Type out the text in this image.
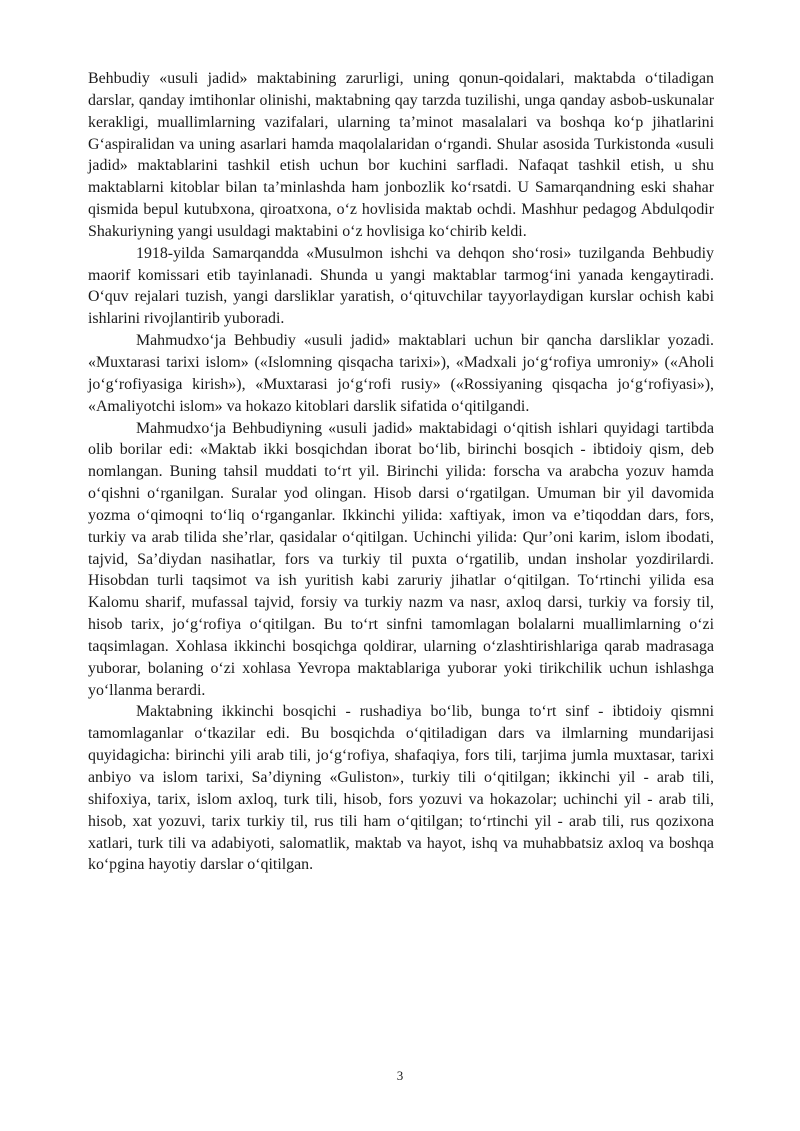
Behbudiy «usuli jadid» maktabining zarurligi, uning qonun-qoidalari, maktabda o‘tiladigan darslar, qanday imtihonlar olinishi, maktabning qay tarzda tuzilishi, unga qanday asbob-uskunalar kerakligi, muallimlarning vazifalari, ularning ta’minot masalalari va boshqa ko‘p jihatlarini G‘aspiralidan va uning asarlari hamda maqolalaridan o‘rgandi. Shular asosida Turkistonda «usuli jadid» maktablarini tashkil etish uchun bor kuchini sarfladi. Nafaqat tashkil etish, u shu maktablarni kitoblar bilan ta’minlashda ham jonbozlik ko‘rsatdi. U Samarqandning eski shahar qismida bepul kutubxona, qiroatxona, o‘z hovlisida maktab ochdi. Mashhur pedagog Abdulqodir Shakuriyning yangi usuldagi maktabini o‘z hovlisiga ko‘chirib keldi.

1918-yilda Samarqandda «Musulmon ishchi va dehqon sho‘rosi» tuzilganda Behbudiy maorif komissari etib tayinlanadi. Shunda u yangi maktablar tarmog‘ini yanada kengaytiradi. O‘quv rejalari tuzish, yangi darsliklar yaratish, o‘qituvchilar tayyorlaydigan kurslar ochish kabi ishlarini rivojlantirib yuboradi.

Mahmudxo‘ja Behbudiy «usuli jadid» maktablari uchun bir qancha darsliklar yozadi. «Muxtarasi tarixi islom» («Islomning qisqacha tarixi»), «Madxali jo‘g‘rofiya umroniy» («Aholi jo‘g‘rofiyasiga kirish»), «Muxtarasi jo‘g‘rofi rusiy» («Rossiyaning qisqacha jo‘g‘rofiyasi»), «Amaliyotchi islom» va hokazo kitoblari darslik sifatida o‘qitilgandi.

Mahmudxo‘ja Behbudiyning «usuli jadid» maktabidagi o‘qitish ishlari quyidagi tartibda olib borilar edi: «Maktab ikki bosqichdan iborat bo‘lib, birinchi bosqich - ibtidoiy qism, deb nomlangan. Buning tahsil muddati to‘rt yil. Birinchi yilida: forscha va arabcha yozuv hamda o‘qishni o‘rganilgan. Suralar yod olingan. Hisob darsi o‘rgatilgan. Umuman bir yil davomida yozma o‘qimoqni to‘liq o‘rganganlar. Ikkinchi yilida: xaftiyak, imon va e’tiqoddan dars, fors, turkiy va arab tilida she’rlar, qasidalar o‘qitilgan. Uchinchi yilida: Qur’oni karim, islom ibodati, tajvid, Sa’diydan nasihatlar, fors va turkiy til puxta o‘rgatilib, undan insholar yozdirilardi. Hisobdan turli taqsimot va ish yuritish kabi zaruriy jihatlar o‘qitilgan. To‘rtinchi yilida esa Kalomu sharif, mufassal tajvid, forsiy va turkiy nazm va nasr, axloq darsi, turkiy va forsiy til, hisob tarix, jo‘g‘rofiya o‘qitilgan. Bu to‘rt sinfni tamomlagan bolalarni muallimlarning o‘zi taqsimlagan. Xohlasa ikkinchi bosqichga qoldirar, ularning o‘zlashtirishlariga qarab madrasaga yuborar, bolaning o‘zi xohlasa Yevropa maktablariga yuborar yoki tirikchilik uchun ishlashga yo‘llanma berardi.

Maktabning ikkinchi bosqichi - rushadiya bo‘lib, bunga to‘rt sinf - ibtidoiy qismni tamomlaganlar o‘tkazilar edi. Bu bosqichda o‘qitiladigan dars va ilmlarning mundarijasi quyidagicha: birinchi yili arab tili, jo‘g‘rofiya, shafaqiya, fors tili, tarjima jumla muxtasar, tarixi anbiyo va islom tarixi, Sa’diyning «Guliston», turkiy tili o‘qitilgan; ikkinchi yil - arab tili, shifoxiya, tarix, islom axloq, turk tili, hisob, fors yozuvi va hokazolar; uchinchi yil - arab tili, hisob, xat yozuvi, tarix turkiy til, rus tili ham o‘qitilgan; to‘rtinchi yil - arab tili, rus qozixona xatlari, turk tili va adabiyoti, salomatlik, maktab va hayot, ishq va muhabbatsiz axloq va boshqa ko‘pgina hayotiy darslar o‘qitilgan.

3
